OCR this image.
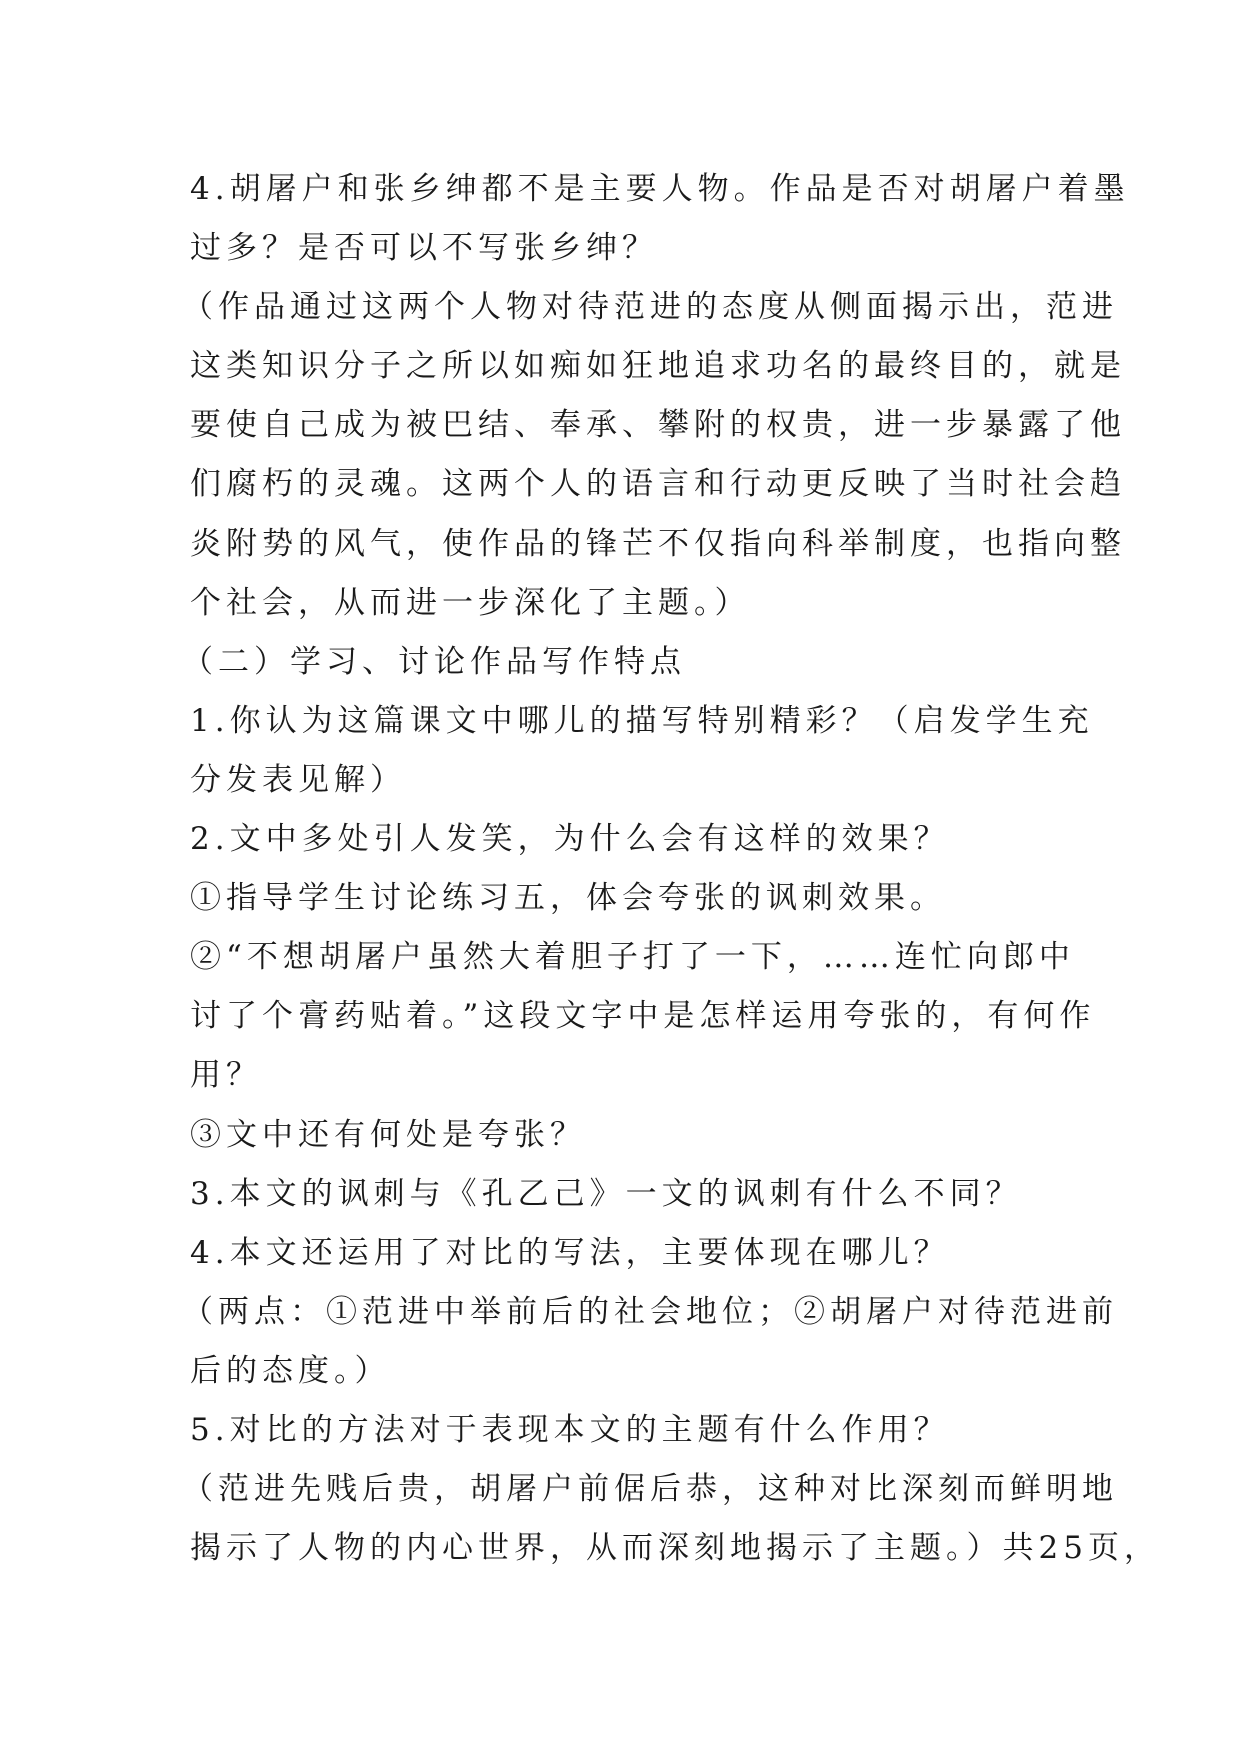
4.胡屠户和张乡绅都不是主要人物。作品是否对胡屠户着墨
过多？是否可以不写张乡绅？
（作品通过这两个人物对待范进的态度从侧面揭示出，范进
这类知识分子之所以如痴如狂地追求功名的最终目的，就是
要使自己成为被巴结、奉承、攀附的权贵，进一步暴露了他
们腐朽的灵魂。这两个人的语言和行动更反映了当时社会趋
炎附势的风气，使作品的锋芒不仅指向科举制度，也指向整
个社会，从而进一步深化了主题。）
（二）学习、讨论作品写作特点
1.你认为这篇课文中哪儿的描写特别精彩？（启发学生充
分发表见解）
2.文中多处引人发笑，为什么会有这样的效果？
①指导学生讨论练习五，体会夸张的讽刺效果。
②“不想胡屠户虽然大着胆子打了一下，……连忙向郎中
讨了个膏药贴着。”这段文字中是怎样运用夸张的，有何作
用？
③文中还有何处是夸张？
3.本文的讽刺与《孔乙己》一文的讽刺有什么不同？
4.本文还运用了对比的写法，主要体现在哪儿？
（两点：①范进中举前后的社会地位；②胡屠户对待范进前
后的态度。）
5.对比的方法对于表现本文的主题有什么作用？
（范进先贱后贵，胡屠户前倨后恭，这种对比深刻而鲜明地
揭示了人物的内心世界，从而深刻地揭示了主题。）共25页，
